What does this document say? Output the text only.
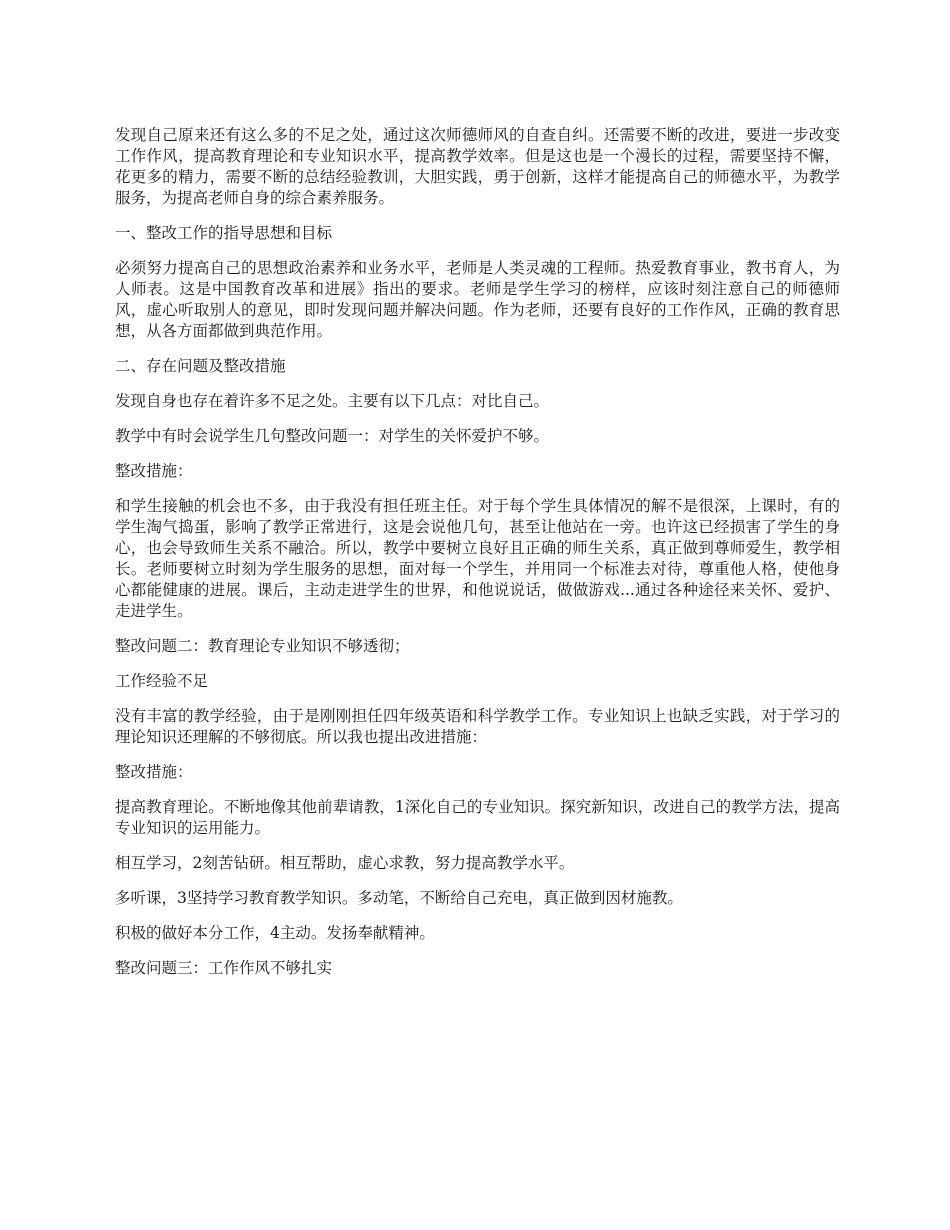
发现自己原来还有这么多的不足之处，通过这次师德师风的自查自纠。还需要不断的改进，要进一步改变工作作风，提高教育理论和专业知识水平，提高教学效率。但是这也是一个漫长的过程，需要坚持不懈，花更多的精力，需要不断的总结经验教训，大胆实践，勇于创新，这样才能提高自己的师德水平，为教学服务，为提高老师自身的综合素养服务。

一、整改工作的指导思想和目标

必须努力提高自己的思想政治素养和业务水平，老师是人类灵魂的工程师。热爱教育事业，教书育人，为人师表。这是中国教育改革和进展》指出的要求。老师是学生学习的榜样，应该时刻注意自己的师德师风，虚心听取别人的意见，即时发现问题并解决问题。作为老师，还要有良好的工作作风，正确的教育思想，从各方面都做到典范作用。

二、存在问题及整改措施

发现自身也存在着许多不足之处。主要有以下几点：对比自己。

教学中有时会说学生几句整改问题一：对学生的关怀爱护不够。

整改措施：

和学生接触的机会也不多，由于我没有担任班主任。对于每个学生具体情况的解不是很深，上课时，有的学生淘气捣蛋，影响了教学正常进行，这是会说他几句，甚至让他站在一旁。也许这已经损害了学生的身心，也会导致师生关系不融洽。所以，教学中要树立良好且正确的师生关系，真正做到尊师爱生，教学相长。老师要树立时刻为学生服务的思想，面对每一个学生，并用同一个标准去对待，尊重他人格，使他身心都能健康的进展。课后，主动走进学生的世界，和他说说话，做做游戏...通过各种途径来关怀、爱护、走进学生。

整改问题二：教育理论专业知识不够透彻；

工作经验不足

没有丰富的教学经验，由于是刚刚担任四年级英语和科学教学工作。专业知识上也缺乏实践，对于学习的理论知识还理解的不够彻底。所以我也提出改进措施：

整改措施：

提高教育理论。不断地像其他前辈请教，1深化自己的专业知识。探究新知识，改进自己的教学方法，提高专业知识的运用能力。

相互学习，2刻苦钻研。相互帮助，虚心求教，努力提高教学水平。

多听课，3坚持学习教育教学知识。多动笔，不断给自己充电，真正做到因材施教。

积极的做好本分工作，4主动。发扬奉献精神。

整改问题三：工作作风不够扎实
